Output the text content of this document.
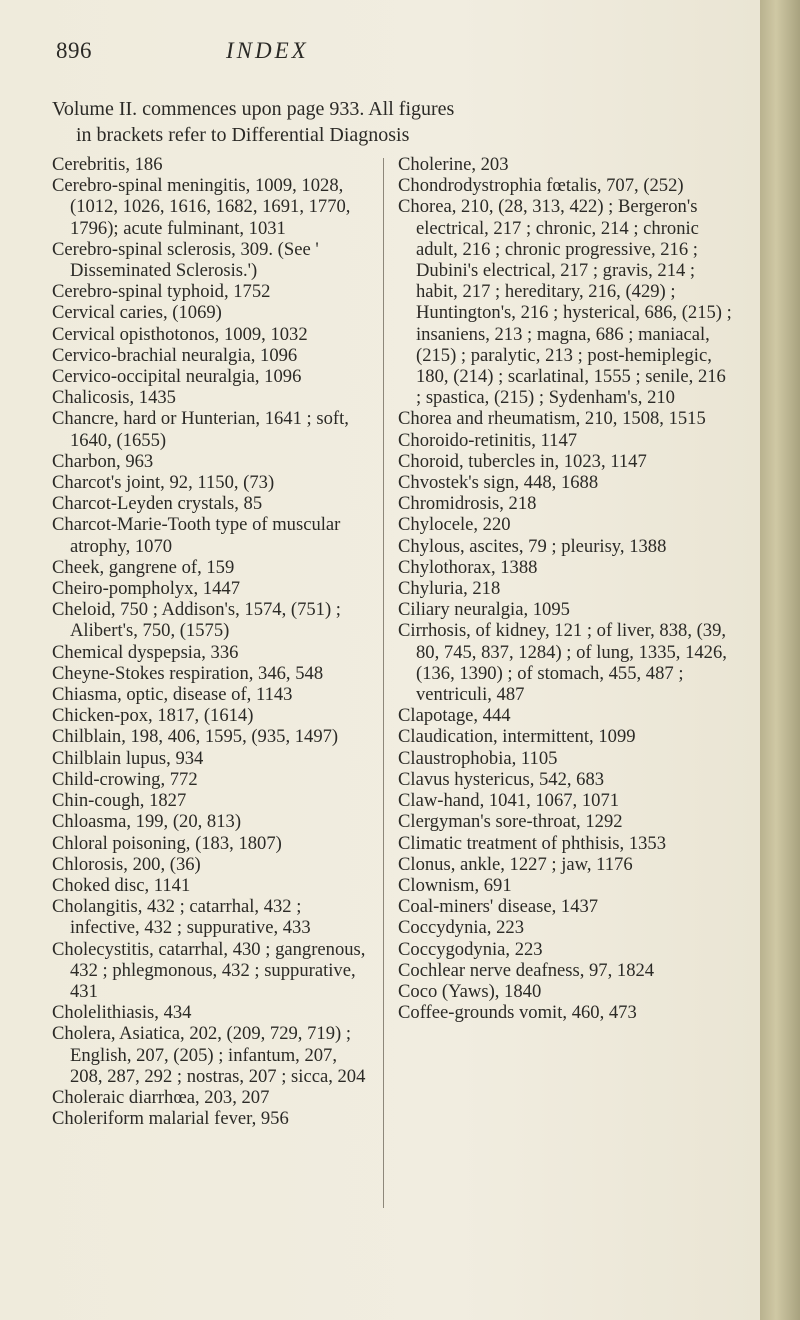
896	INDEX
Volume II. commences upon page 933. All figures
in brackets refer to Differential Diagnosis
Cerebritis, 186
Cerebro-spinal meningitis, 1009, 1028, (1012, 1026, 1616, 1682, 1691, 1770, 1796); acute fulminant, 1031
Cerebro-spinal sclerosis, 309. (See ' Disseminated Sclerosis.')
Cerebro-spinal typhoid, 1752
Cervical caries, (1069)
Cervical opisthotonos, 1009, 1032
Cervico-brachial neuralgia, 1096
Cervico-occipital neuralgia, 1096
Chalicosis, 1435
Chancre, hard or Hunterian, 1641 ; soft, 1640, (1655)
Charbon, 963
Charcot's joint, 92, 1150, (73)
Charcot-Leyden crystals, 85
Charcot-Marie-Tooth type of muscular atrophy, 1070
Cheek, gangrene of, 159
Cheiro-pompholyx, 1447
Cheloid, 750 ; Addison's, 1574, (751) ; Alibert's, 750, (1575)
Chemical dyspepsia, 336
Cheyne-Stokes respiration, 346, 548
Chiasma, optic, disease of, 1143
Chicken-pox, 1817, (1614)
Chilblain, 198, 406, 1595, (935, 1497)
Chilblain lupus, 934
Child-crowing, 772
Chin-cough, 1827
Chloasma, 199, (20, 813)
Chloral poisoning, (183, 1807)
Chlorosis, 200, (36)
Choked disc, 1141
Cholangitis, 432 ; catarrhal, 432 ; infective, 432 ; suppurative, 433
Cholecystitis, catarrhal, 430 ; gangrenous, 432 ; phlegmonous, 432 ; suppurative, 431
Cholelithiasis, 434
Cholera, Asiatica, 202, (209, 729, 719) ; English, 207, (205) ; infantum, 207, 208, 287, 292 ; nostras, 207 ; sicca, 204
Choleraic diarrhœa, 203, 207
Choleriform malarial fever, 956
Cholerine, 203
Chondrodystrophia fœtalis, 707, (252)
Chorea, 210, (28, 313, 422) ; Bergeron's electrical, 217 ; chronic, 214 ; chronic adult, 216 ; chronic progressive, 216 ; Dubini's electrical, 217 ; gravis, 214 ; habit, 217 ; hereditary, 216, (429) ; Huntington's, 216 ; hysterical, 686, (215) ; insaniens, 213 ; magna, 686 ; maniacal, (215) ; paralytic, 213 ; post-hemiplegic, 180, (214) ; scarlatinal, 1555 ; senile, 216 ; spastica, (215) ; Sydenham's, 210
Chorea and rheumatism, 210, 1508, 1515
Choroido-retinitis, 1147
Choroid, tubercles in, 1023, 1147
Chvostek's sign, 448, 1688
Chromidrosis, 218
Chylocele, 220
Chylous, ascites, 79 ; pleurisy, 1388
Chylothorax, 1388
Chyluria, 218
Ciliary neuralgia, 1095
Cirrhosis, of kidney, 121 ; of liver, 838, (39, 80, 745, 837, 1284) ; of lung, 1335, 1426, (136, 1390) ; of stomach, 455, 487 ; ventriculi, 487
Clapotage, 444
Claudication, intermittent, 1099
Claustrophobia, 1105
Clavus hystericus, 542, 683
Claw-hand, 1041, 1067, 1071
Clergyman's sore-throat, 1292
Climatic treatment of phthisis, 1353
Clonus, ankle, 1227 ; jaw, 1176
Clownism, 691
Coal-miners' disease, 1437
Coccydynia, 223
Coccygodynia, 223
Cochlear nerve deafness, 97, 1824
Coco (Yaws), 1840
Coffee-grounds vomit, 460, 473
